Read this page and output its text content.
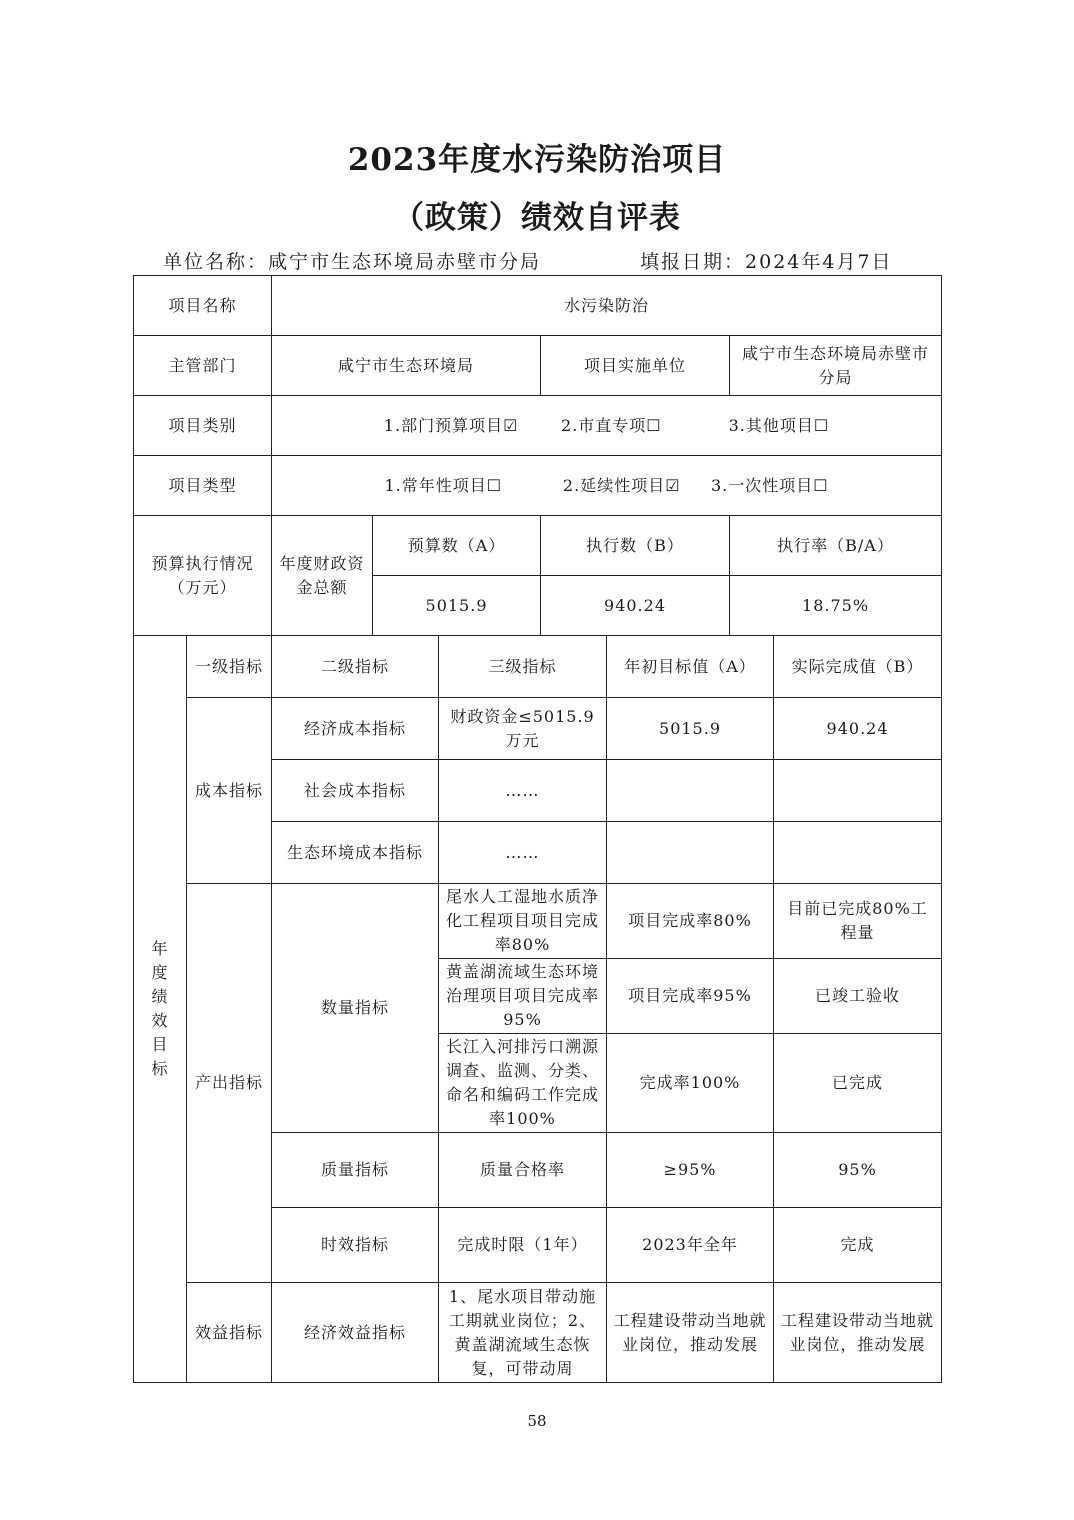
2023年度水污染防治项目
（政策）绩效自评表
单位名称：咸宁市生态环境局赤壁市分局	填报日期：2024年4月7日
项目名称		水污染防治						
主管部门		咸宁市生态环境局			项目实施单位		咸宁市生态环境局赤壁市分局	
项目类别		1.部门预算项目☑ 2.市直专项☐ 3.其他项目☐						
项目类型		1.常年性项目☐ 2.延续性项目☑ 3.一次性项目☐						
预算执行情况（万元）		年度财政资金总额	预算数（A）		执行数（B）		执行率（B/A）	
			5015.9		940.24		18.75%	
年度绩效目标	一级指标	二级指标		三级指标		年初目标值（A）		实际完成值（B）
	成本指标	经济成本指标		财政资金≤5015.9万元		5015.9		940.24
		社会成本指标		……				
		生态环境成本指标		……				
	产出指标	数量指标		尾水人工湿地水质净化工程项目项目完成率80%		项目完成率80%		目前已完成80%工程量
				黄盖湖流域生态环境治理项目项目完成率95%		项目完成率95%		已竣工验收
				长江入河排污口溯源调查、监测、分类、命名和编码工作完成率100%		完成率100%		已完成
		质量指标		质量合格率		≥95%		95%
		时效指标		完成时限（1年）		2023年全年		完成
	效益指标	经济效益指标		1、尾水项目带动施工期就业岗位；2、黄盖湖流域生态恢复，可带动周		工程建设带动当地就业岗位，推动发展		工程建设带动当地就业岗位，推动发展
58
